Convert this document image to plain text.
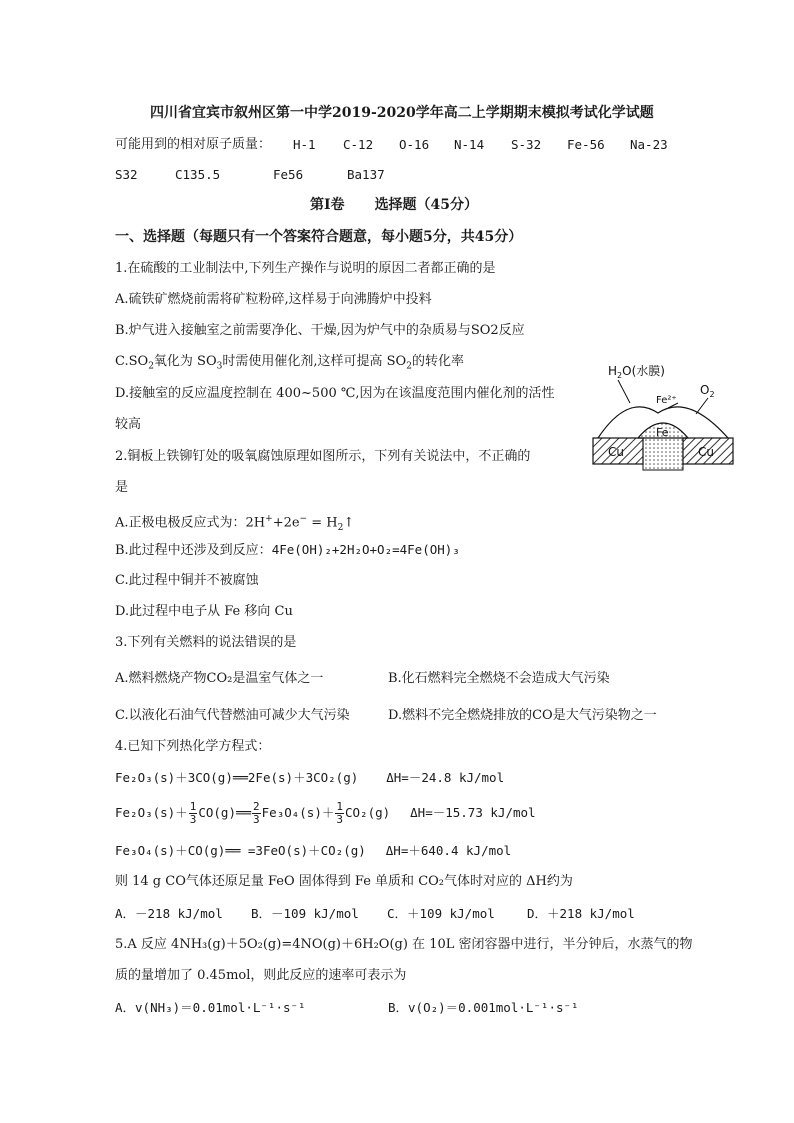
四川省宜宾市叙州区第一中学2019-2020学年高二上学期期末模拟考试化学试题
可能用到的相对原子质量： H-1 C-12 O-16 N-14 S-32 Fe-56 Na-23
S32	C135.5	Fe56	Ba137
第Ⅰ卷 选择题（45分）
一、选择题（每题只有一个答案符合题意，每小题5分，共45分）
1.在硫酸的工业制法中,下列生产操作与说明的原因二者都正确的是
A.硫铁矿燃烧前需将矿粒粉碎,这样易于向沸腾炉中投料
B.炉气进入接触室之前需要净化、干燥,因为炉气中的杂质易与SO2反应
$C.SO_2$氧化为 $SO_3$时需使用催化剂,这样可提高 $SO_2$的转化率
D.接触室的反应温度控制在 400~500 ℃,因为在该温度范围内催化剂的活性
较高
$H_2O$(水膜)
$O_2$
Fe²⁺
Fe
Cu	Cu
2.铜板上铁铆钉处的吸氧腐蚀原理如图所示，下列有关说法中，不正确的
是
A.正极电极反应式为：$2H^++2e^- = H_2↑$
B.此过程中还涉及到反应：4Fe(OH)₂+2H₂O+O₂=4Fe(OH)₃
C.此过程中铜并不被腐蚀
D.此过程中电子从 Fe 移向 Cu
3.下列有关燃料的说法错误的是
A.燃料燃烧产物CO₂是温室气体之一	B.化石燃料完全燃烧不会造成大气污染
C.以液化石油气代替燃油可减少大气污染	D.燃料不完全燃烧排放的CO是大气污染物之一
4.已知下列热化学方程式：
Fe₂O₃(s)＋3CO(g)══2Fe(s)＋3CO₂(g) ΔH=－24.8 kJ/mol
$Fe_2O_3(s)+ \frac{1}{3}$ CO(g)══ $\frac{2}{3} Fe_3O_4(s)+ \frac{1}{3} CO_2(g)$ ΔH=－15.73 kJ/mol
Fe₃O₄(s)＋CO(g)══ =3FeO(s)＋CO₂(g) ΔH=＋640.4 kJ/mol
则 14 g CO气体还原足量 FeO 固体得到 Fe 单质和 CO₂气体时对应的 ΔH约为
A．－218 kJ/mol B．－109 kJ/mol C．＋109 kJ/mol	D．＋218 kJ/mol
5.A 反应 4NH₃(g)＋5O₂(g)=4NO(g)＋6H₂O(g) 在 10L 密闭容器中进行，半分钟后，水蒸气的物
质的量增加了 0.45mol，则此反应的速率可表示为
A．v(NH₃)＝0.01mol·L⁻¹·s⁻¹	B．v(O₂)＝0.001mol·L⁻¹·s⁻¹
